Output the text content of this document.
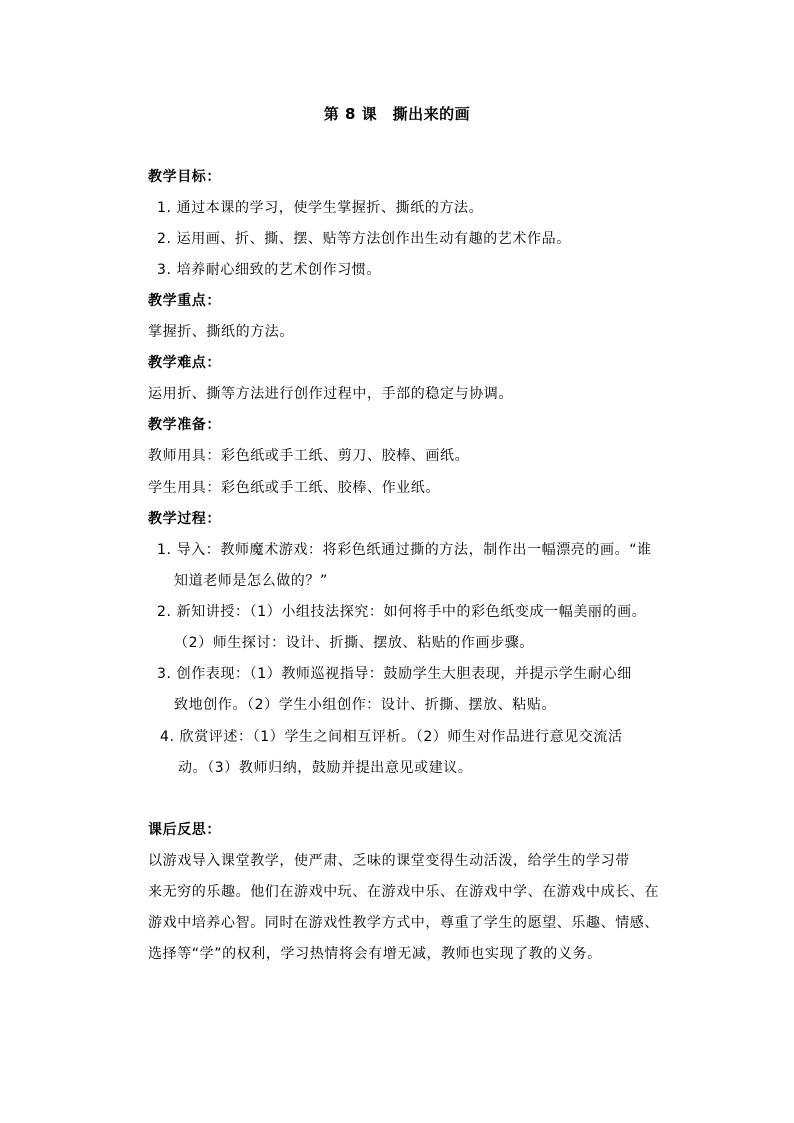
第 8 课　撕出来的画
教学目标：
1. 通过本课的学习，使学生掌握折、撕纸的方法。
2. 运用画、折、撕、摆、贴等方法创作出生动有趣的艺术作品。
3. 培养耐心细致的艺术创作习惯。
教学重点：
掌握折、撕纸的方法。
教学难点：
运用折、撕等方法进行创作过程中，手部的稳定与协调。
教学准备：
教师用具：彩色纸或手工纸、剪刀、胶棒、画纸。
学生用具：彩色纸或手工纸、胶棒、作业纸。
教学过程：
1. 导入：教师魔术游戏：将彩色纸通过撕的方法，制作出一幅漂亮的画。“谁
知道老师是怎么做的？”
2. 新知讲授：（1）小组技法探究：如何将手中的彩色纸变成一幅美丽的画。
（2）师生探讨：设计、折撕、摆放、粘贴的作画步骤。
3. 创作表现：（1）教师巡视指导：鼓励学生大胆表现，并提示学生耐心细
致地创作。（2）学生小组创作：设计、折撕、摆放、粘贴。
4. 欣赏评述：（1）学生之间相互评析。（2）师生对作品进行意见交流活
动。（3）教师归纳，鼓励并提出意见或建议。
课后反思：
以游戏导入课堂教学，使严肃、乏味的课堂变得生动活泼，给学生的学习带
来无穷的乐趣。他们在游戏中玩、在游戏中乐、在游戏中学、在游戏中成长、在
游戏中培养心智。同时在游戏性教学方式中，尊重了学生的愿望、乐趣、情感、
选择等“学”的权利，学习热情将会有增无减，教师也实现了教的义务。
